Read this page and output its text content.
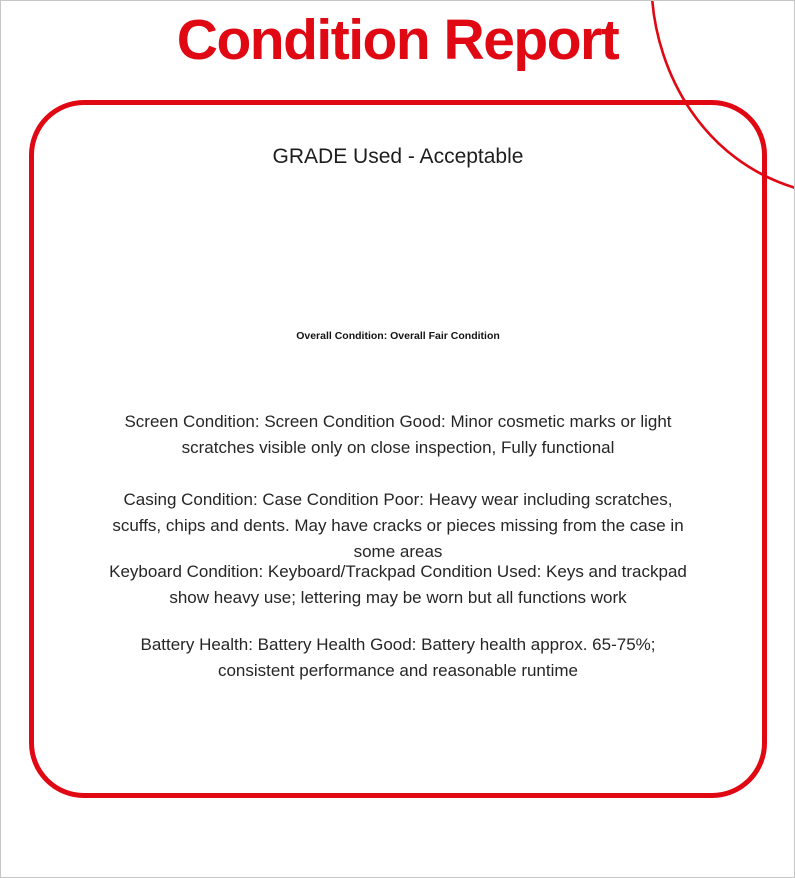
Condition Report
GRADE Used - Acceptable
Overall Condition: Overall Fair Condition
Screen Condition: Screen Condition Good: Minor cosmetic marks or light
scratches visible only on close inspection, Fully functional
Casing Condition: Case Condition Poor: Heavy wear including scratches,
scuffs, chips and dents. May have cracks or pieces missing from the case in
some areas
Keyboard Condition: Keyboard/Trackpad Condition Used: Keys and trackpad
show heavy use; lettering may be worn but all functions work
Battery Health: Battery Health Good: Battery health approx. 65-75%;
consistent performance and reasonable runtime
